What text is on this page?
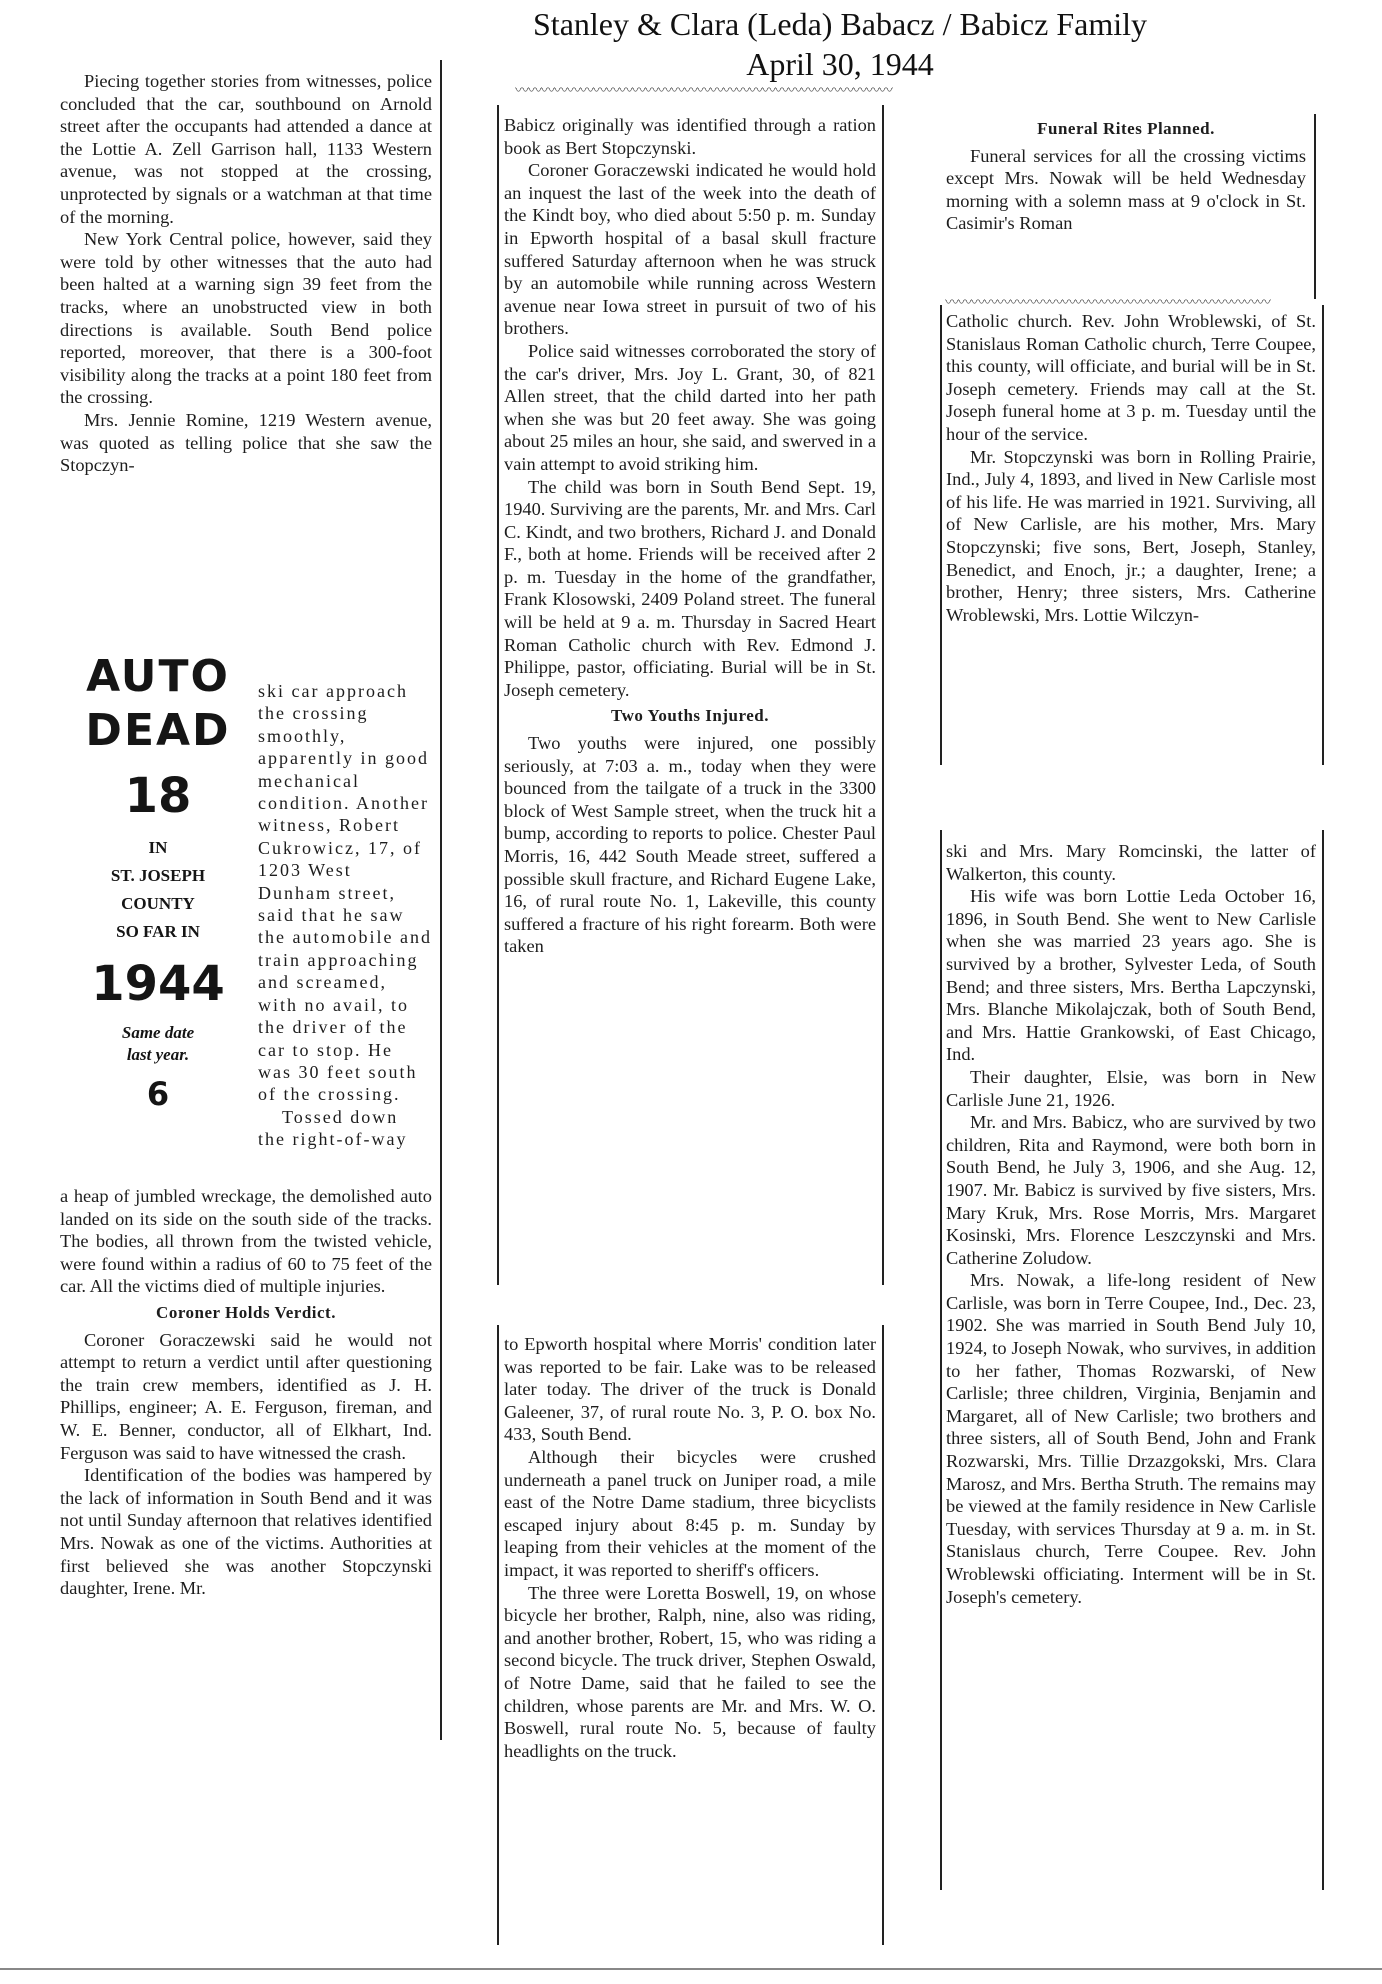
Stanley & Clara (Leda) Babacz / Babicz Family
April 30, 1944
〰〰〰〰〰〰〰〰〰〰〰〰〰〰〰〰〰〰〰〰〰〰〰〰〰〰〰〰〰

Piecing together stories from witnesses, police concluded that the car, southbound on Arnold street after the occupants had attended a dance at the Lottie A. Zell Garrison hall, 1133 Western avenue, was not stopped at the crossing, unprotected by signals or a watchman at that time of the morning.

New York Central police, however, said they were told by other witnesses that the auto had been halted at a warning sign 39 feet from the tracks, where an unobstructed view in both directions is available. South Bend police reported, moreover, that there is a 300-foot visibility along the tracks at a point 180 feet from the crossing.

Mrs. Jennie Romine, 1219 Western avenue, was quoted as telling police that she saw the Stopczyn-

AUTO
DEAD
18
IN
ST. JOSEPH
COUNTY
SO FAR IN
1944
Same date
last year.
6

ski car approach the crossing smoothly, apparently in good mechanical condition. Another witness, Robert Cukrowicz, 17, of 1203 West Dunham street, said that he saw the automobile and train approaching and screamed, with no avail, to the driver of the car to stop. He was 30 feet south of the crossing.

Tossed down the right-of-way

a heap of jumbled wreckage, the demolished auto landed on its side on the south side of the tracks. The bodies, all thrown from the twisted vehicle, were found within a radius of 60 to 75 feet of the car. All the victims died of multiple injuries.

Coroner Holds Verdict.

Coroner Goraczewski said he would not attempt to return a verdict until after questioning the train crew members, identified as J. H. Phillips, engineer; A. E. Ferguson, fireman, and W. E. Benner, conductor, all of Elkhart, Ind. Ferguson was said to have witnessed the crash.

Identification of the bodies was hampered by the lack of information in South Bend and it was not until Sunday afternoon that relatives identified Mrs. Nowak as one of the victims. Authorities at first believed she was another Stopczynski daughter, Irene. Mr.

Babicz originally was identified through a ration book as Bert Stopczynski.

Coroner Goraczewski indicated he would hold an inquest the last of the week into the death of the Kindt boy, who died about 5:50 p. m. Sunday in Epworth hospital of a basal skull fracture suffered Saturday afternoon when he was struck by an automobile while running across Western avenue near Iowa street in pursuit of two of his brothers.

Police said witnesses corroborated the story of the car's driver, Mrs. Joy L. Grant, 30, of 821 Allen street, that the child darted into her path when she was but 20 feet away. She was going about 25 miles an hour, she said, and swerved in a vain attempt to avoid striking him.

The child was born in South Bend Sept. 19, 1940. Surviving are the parents, Mr. and Mrs. Carl C. Kindt, and two brothers, Richard J. and Donald F., both at home. Friends will be received after 2 p. m. Tuesday in the home of the grandfather, Frank Klosowski, 2409 Poland street. The funeral will be held at 9 a. m. Thursday in Sacred Heart Roman Catholic church with Rev. Edmond J. Philippe, pastor, officiating. Burial will be in St. Joseph cemetery.

Two Youths Injured.

Two youths were injured, one possibly seriously, at 7:03 a. m., today when they were bounced from the tailgate of a truck in the 3300 block of West Sample street, when the truck hit a bump, according to reports to police. Chester Paul Morris, 16, 442 South Meade street, suffered a possible skull fracture, and Richard Eugene Lake, 16, of rural route No. 1, Lakeville, this county suffered a fracture of his right forearm. Both were taken

to Epworth hospital where Morris' condition later was reported to be fair. Lake was to be released later today. The driver of the truck is Donald Galeener, 37, of rural route No. 3, P. O. box No. 433, South Bend.

Although their bicycles were crushed underneath a panel truck on Juniper road, a mile east of the Notre Dame stadium, three bicyclists escaped injury about 8:45 p. m. Sunday by leaping from their vehicles at the moment of the impact, it was reported to sheriff's officers.

The three were Loretta Boswell, 19, on whose bicycle her brother, Ralph, nine, also was riding, and another brother, Robert, 15, who was riding a second bicycle. The truck driver, Stephen Oswald, of Notre Dame, said that he failed to see the children, whose parents are Mr. and Mrs. W. O. Boswell, rural route No. 5, because of faulty headlights on the truck.

Funeral Rites Planned.

Funeral services for all the crossing victims except Mrs. Nowak will be held Wednesday morning with a solemn mass at 9 o'clock in St. Casimir's Roman

〰〰〰〰〰〰〰〰〰〰〰〰〰〰〰〰〰〰〰〰〰〰〰〰〰

Catholic church. Rev. John Wroblewski, of St. Stanislaus Roman Catholic church, Terre Coupee, this county, will officiate, and burial will be in St. Joseph cemetery. Friends may call at the St. Joseph funeral home at 3 p. m. Tuesday until the hour of the service.

Mr. Stopczynski was born in Rolling Prairie, Ind., July 4, 1893, and lived in New Carlisle most of his life. He was married in 1921. Surviving, all of New Carlisle, are his mother, Mrs. Mary Stopczynski; five sons, Bert, Joseph, Stanley, Benedict, and Enoch, jr.; a daughter, Irene; a brother, Henry; three sisters, Mrs. Catherine Wroblewski, Mrs. Lottie Wilczyn-

ski and Mrs. Mary Romcinski, the latter of Walkerton, this county.

His wife was born Lottie Leda October 16, 1896, in South Bend. She went to New Carlisle when she was married 23 years ago. She is survived by a brother, Sylvester Leda, of South Bend; and three sisters, Mrs. Bertha Lapczynski, Mrs. Blanche Mikolajczak, both of South Bend, and Mrs. Hattie Grankowski, of East Chicago, Ind.

Their daughter, Elsie, was born in New Carlisle June 21, 1926.

Mr. and Mrs. Babicz, who are survived by two children, Rita and Raymond, were both born in South Bend, he July 3, 1906, and she Aug. 12, 1907. Mr. Babicz is survived by five sisters, Mrs. Mary Kruk, Mrs. Rose Morris, Mrs. Margaret Kosinski, Mrs. Florence Leszczynski and Mrs. Catherine Zoludow.

Mrs. Nowak, a life-long resident of New Carlisle, was born in Terre Coupee, Ind., Dec. 23, 1902. She was married in South Bend July 10, 1924, to Joseph Nowak, who survives, in addition to her father, Thomas Rozwarski, of New Carlisle; three children, Virginia, Benjamin and Margaret, all of New Carlisle; two brothers and three sisters, all of South Bend, John and Frank Rozwarski, Mrs. Tillie Drzazgokski, Mrs. Clara Marosz, and Mrs. Bertha Struth. The remains may be viewed at the family residence in New Carlisle Tuesday, with services Thursday at 9 a. m. in St. Stanislaus church, Terre Coupee. Rev. John Wroblewski officiating. Interment will be in St. Joseph's cemetery.
